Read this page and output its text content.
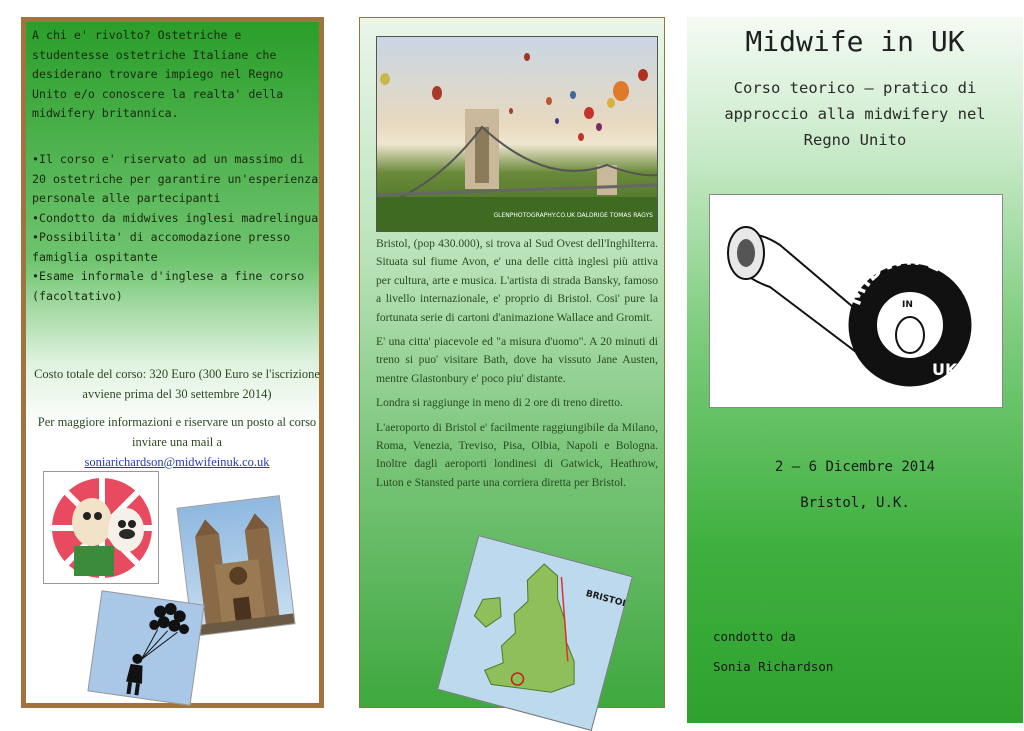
A chi e' rivolto? Ostetriche e studentesse ostetriche Italiane che desiderano trovare impiego nel Regno Unito e/o conoscere la realta' della midwifery britannica.
•Il corso e' riservato ad un massimo di 20 ostetriche per garantire un'esperienza personale alle partecipanti
•Condotto da midwives inglesi madrelingua
•Possibilita' di accomodazione presso famiglia ospitante
•Esame informale d'inglese a fine corso (facoltativo)
Costo totale del corso: 320 Euro (300 Euro se l'iscrizione avviene prima del 30 settembre 2014)
Per maggiore informazioni e riservare un posto al corso inviare una mail a
soniarichardson@midwifeinuk.co.uk
GLENPHOTOGRAPHY.CO.UK DALDRIGE TOMAS RAGYS

Bristol, (pop 430.000), si trova al Sud Ovest dell'Inghilterra. Situata sul fiume Avon, e' una delle città inglesi più attiva per cultura, arte e musica. L'artista di strada Bansky, famoso a livello internazionale, e' proprio di Bristol. Cosi' pure la fortunata serie di cartoni d'animazione Wallace and Gromit.

E' una citta' piacevole ed "a misura d'uomo". A 20 minuti di treno si puo' visitare Bath, dove ha vissuto Jane Austen, mentre Glastonbury e' poco piu' distante.

Londra si raggiunge in meno di 2 ore di treno diretto.

L'aeroporto di Bristol e' facilmente raggiungibile da Milano, Roma, Venezia, Treviso, Pisa, Olbia, Napoli e Bologna. Inoltre dagli aeroporti londinesi di Gatwick, Heathrow, Luton e Stansted parte una corriera diretta per Bristol.

BRISTOL
Midwife in UK
Corso teorico – pratico di approccio alla midwifery nel Regno Unito
MIDWIFE
IN
UK
2 – 6 Dicembre 2014
Bristol, U.K.
condotto da
Sonia Richardson
